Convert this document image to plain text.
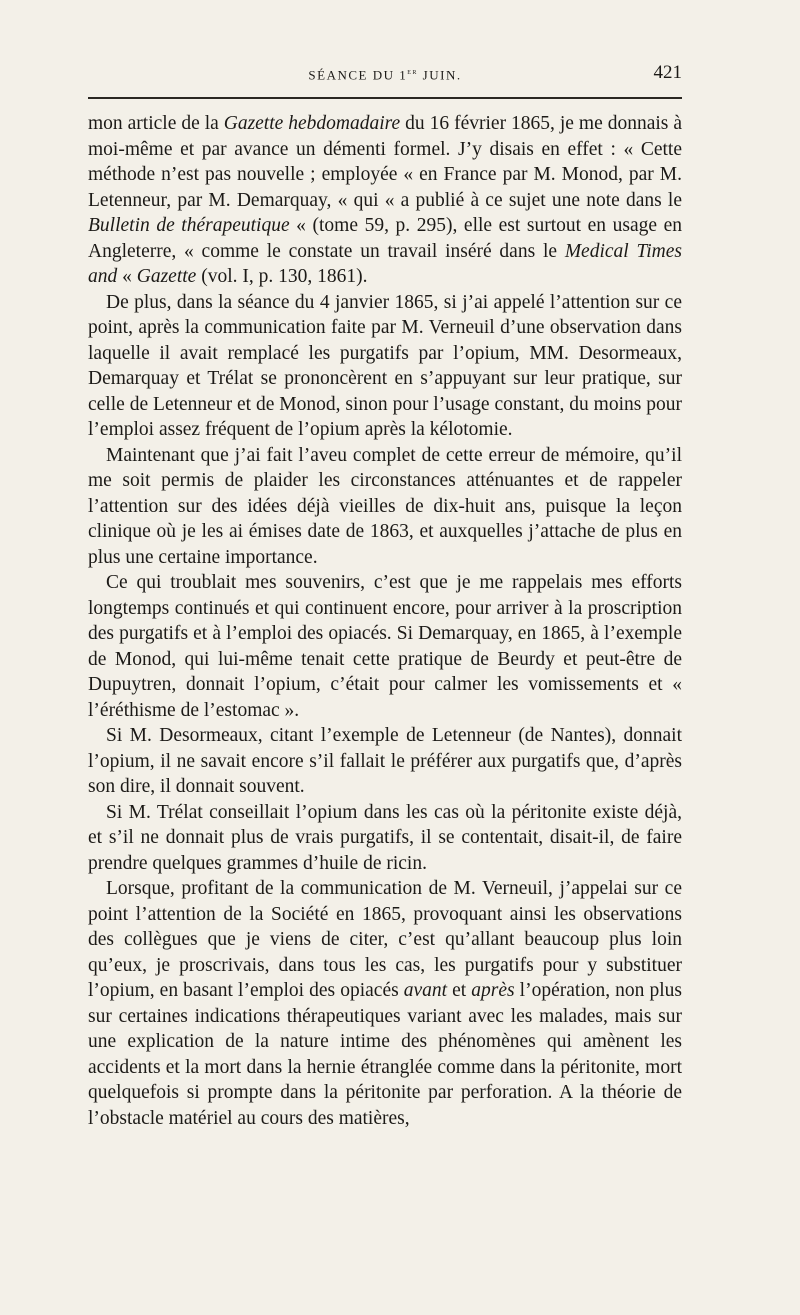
SÉANCE DU 1er JUIN.	421

mon article de la Gazette hebdomadaire du 16 février 1865, je me donnais à moi-même et par avance un démenti formel. J’y disais en effet : « Cette méthode n’est pas nouvelle ; employée « en France par M. Monod, par M. Letenneur, par M. Demarquay, « qui « a publié à ce sujet une note dans le Bulletin de thérapeutique « (tome 59, p. 295), elle est surtout en usage en Angleterre, « comme le constate un travail inséré dans le Medical Times and « Gazette (vol. I, p. 130, 1861).

De plus, dans la séance du 4 janvier 1865, si j’ai appelé l’attention sur ce point, après la communication faite par M. Verneuil d’une observation dans laquelle il avait remplacé les purgatifs par l’opium, MM. Desormeaux, Demarquay et Trélat se prononcèrent en s’appuyant sur leur pratique, sur celle de Letenneur et de Monod, sinon pour l’usage constant, du moins pour l’emploi assez fréquent de l’opium après la kélotomie.

Maintenant que j’ai fait l’aveu complet de cette erreur de mémoire, qu’il me soit permis de plaider les circonstances atténuantes et de rappeler l’attention sur des idées déjà vieilles de dix-huit ans, puisque la leçon clinique où je les ai émises date de 1863, et auxquelles j’attache de plus en plus une certaine importance.

Ce qui troublait mes souvenirs, c’est que je me rappelais mes efforts longtemps continués et qui continuent encore, pour arriver à la proscription des purgatifs et à l’emploi des opiacés. Si Demarquay, en 1865, à l’exemple de Monod, qui lui-même tenait cette pratique de Beurdy et peut-être de Dupuytren, donnait l’opium, c’était pour calmer les vomissements et « l’éréthisme de l’estomac ».

Si M. Desormeaux, citant l’exemple de Letenneur (de Nantes), donnait l’opium, il ne savait encore s’il fallait le préférer aux purgatifs que, d’après son dire, il donnait souvent.

Si M. Trélat conseillait l’opium dans les cas où la péritonite existe déjà, et s’il ne donnait plus de vrais purgatifs, il se contentait, disait-il, de faire prendre quelques grammes d’huile de ricin.

Lorsque, profitant de la communication de M. Verneuil, j’appelai sur ce point l’attention de la Société en 1865, provoquant ainsi les observations des collègues que je viens de citer, c’est qu’allant beaucoup plus loin qu’eux, je proscrivais, dans tous les cas, les purgatifs pour y substituer l’opium, en basant l’emploi des opiacés avant et après l’opération, non plus sur certaines indications thérapeutiques variant avec les malades, mais sur une explication de la nature intime des phénomènes qui amènent les accidents et la mort dans la hernie étranglée comme dans la péritonite, mort quelquefois si prompte dans la péritonite par perforation. A la théorie de l’obstacle matériel au cours des matières,
